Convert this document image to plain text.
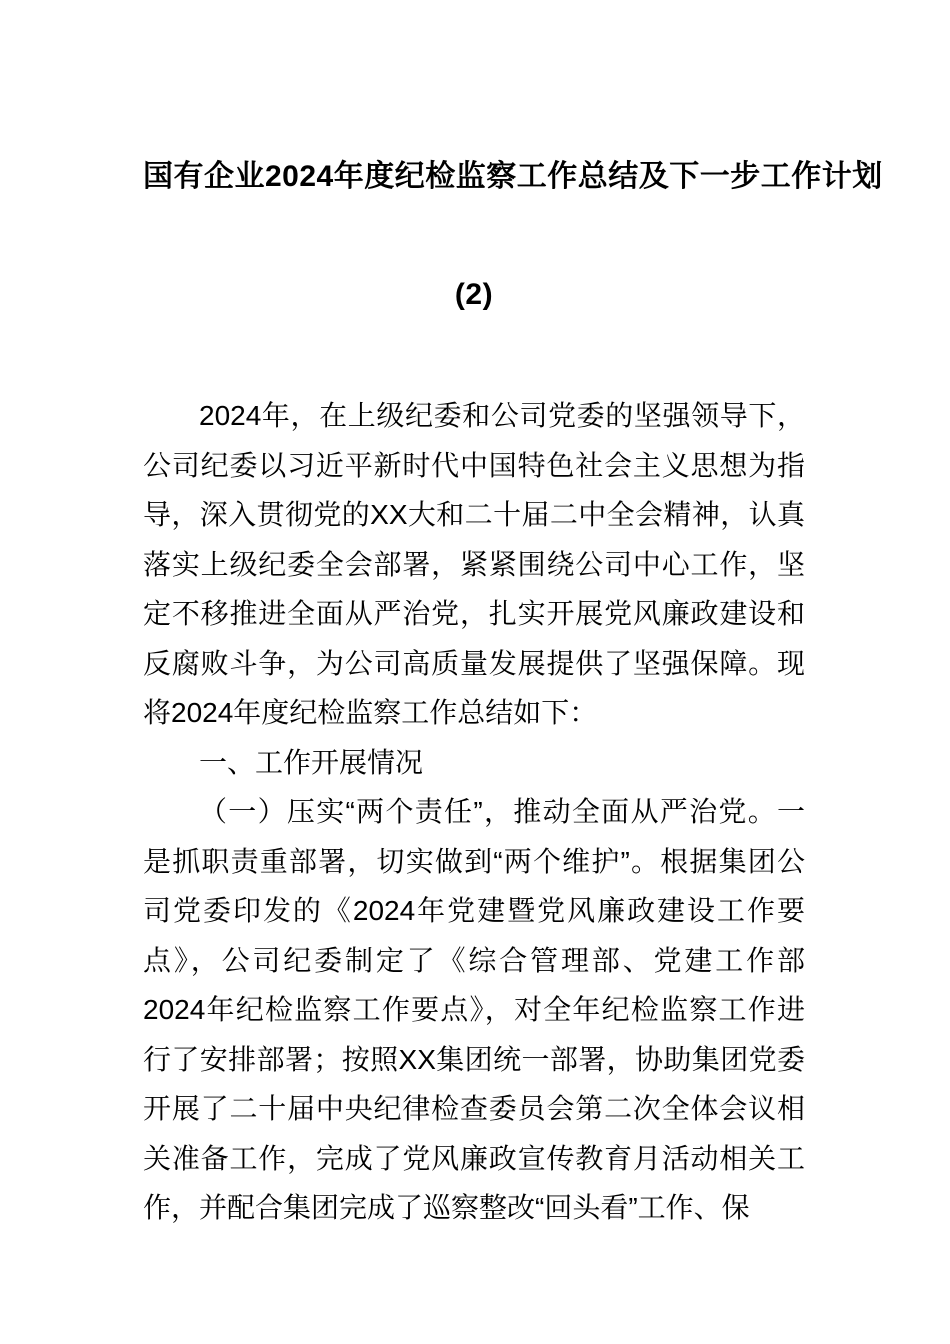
国有企业2024年度纪检监察工作总结及下一步工作计划
(2)

2024年，在上级纪委和公司党委的坚强领导下，公司纪委以习近平新时代中国特色社会主义思想为指导，深入贯彻党的XX大和二十届二中全会精神，认真落实上级纪委全会部署，紧紧围绕公司中心工作，坚定不移推进全面从严治党，扎实开展党风廉政建设和反腐败斗争，为公司高质量发展提供了坚强保障。现将2024年度纪检监察工作总结如下：

一、工作开展情况

（一）压实“两个责任”，推动全面从严治党。一是抓职责重部署，切实做到“两个维护”。根据集团公司党委印发的《2024年党建暨党风廉政建设工作要点》，公司纪委制定了《综合管理部、党建工作部2024年纪检监察工作要点》，对全年纪检监察工作进行了安排部署；按照XX集团统一部署，协助集团党委开展了二十届中央纪律检查委员会第二次全体会议相关准备工作，完成了党风廉政宣传教育月活动相关工作，并配合集团完成了巡察整改“回头看”工作、保
